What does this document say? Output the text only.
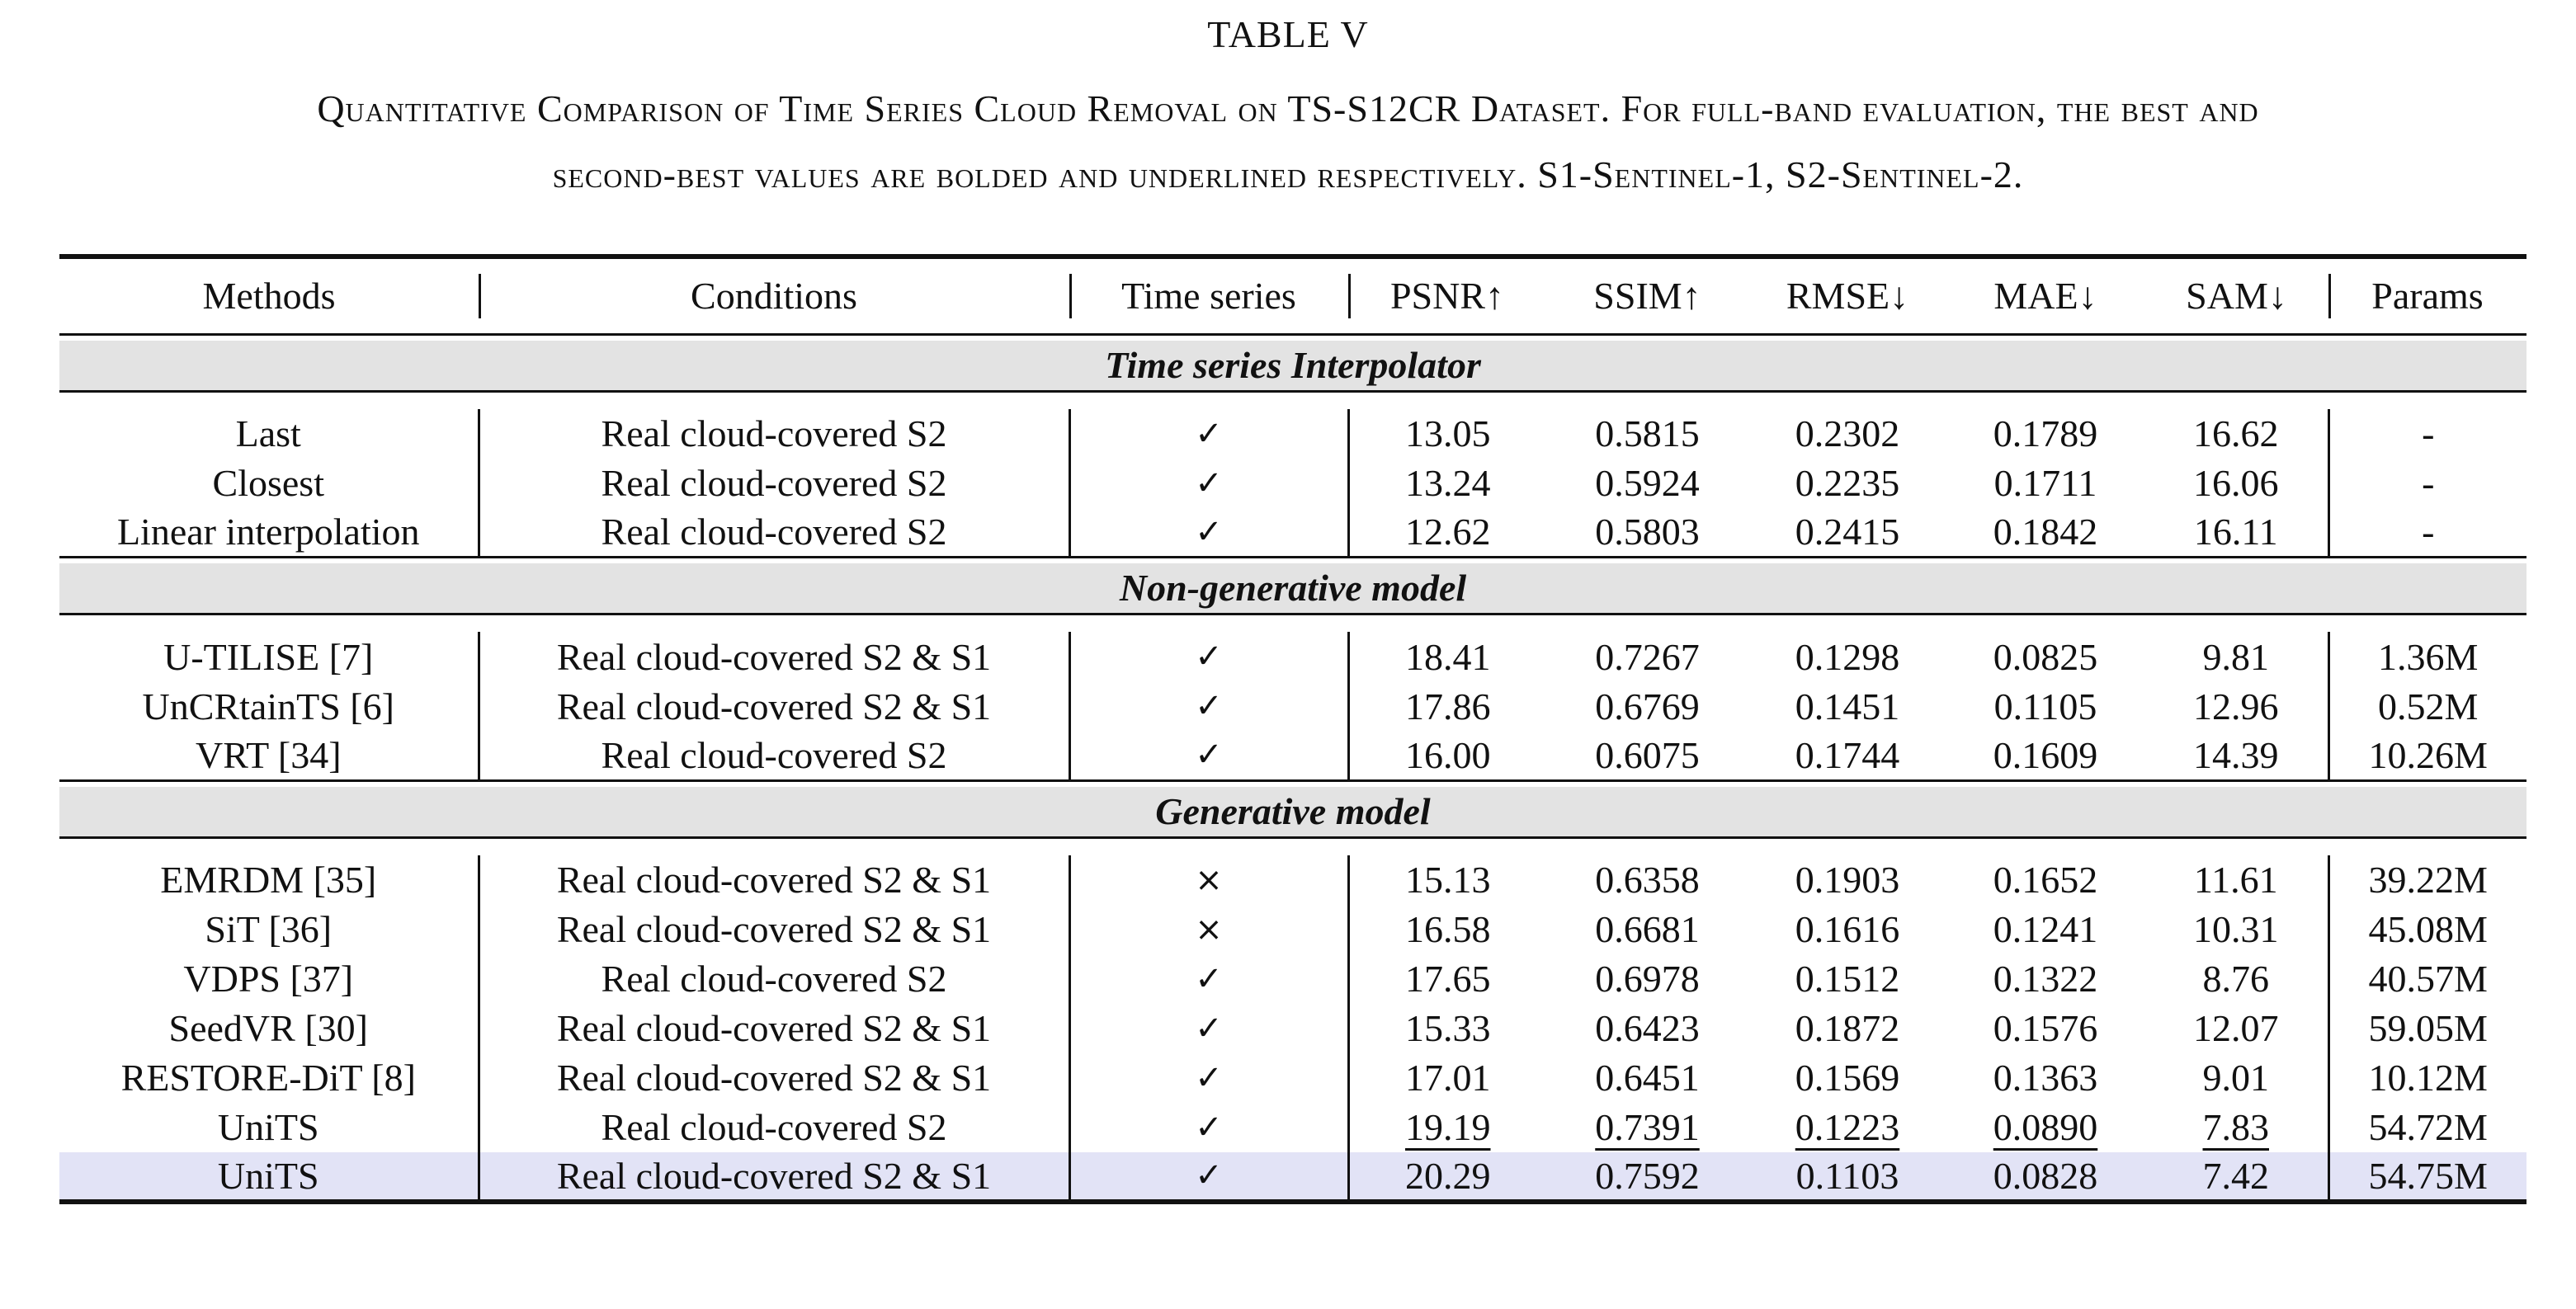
TABLE V

Quantitative Comparison of Time Series Cloud Removal on TS-S12CR Dataset. For full-band evaluation, the best and

second-best values are bolded and underlined respectively. S1-Sentinel-1, S2-Sentinel-2.

Methods	Conditions	Time series	PSNR↑	SSIM↑	RMSE↓	MAE↓	SAM↓	Params

Time series Interpolator								

Last	Real cloud-covered S2	✓	13.05	0.5815	0.2302	0.1789	16.62	-
Closest	Real cloud-covered S2	✓	13.24	0.5924	0.2235	0.1711	16.06	-
Linear interpolation	Real cloud-covered S2	✓	12.62	0.5803	0.2415	0.1842	16.11	-

Non-generative model								

U-TILISE [7]	Real cloud-covered S2 & S1	✓	18.41	0.7267	0.1298	0.0825	9.81	1.36M
UnCRtainTS [6]	Real cloud-covered S2 & S1	✓	17.86	0.6769	0.1451	0.1105	12.96	0.52M
VRT [34]	Real cloud-covered S2	✓	16.00	0.6075	0.1744	0.1609	14.39	10.26M

Generative model								

EMRDM [35]	Real cloud-covered S2 & S1	×	15.13	0.6358	0.1903	0.1652	11.61	39.22M
SiT [36]	Real cloud-covered S2 & S1	×	16.58	0.6681	0.1616	0.1241	10.31	45.08M
VDPS [37]	Real cloud-covered S2	✓	17.65	0.6978	0.1512	0.1322	8.76	40.57M
SeedVR [30]	Real cloud-covered S2 & S1	✓	15.33	0.6423	0.1872	0.1576	12.07	59.05M
RESTORE-DiT [8]	Real cloud-covered S2 & S1	✓	17.01	0.6451	0.1569	0.1363	9.01	10.12M
UniTS	Real cloud-covered S2	✓	19.19	0.7391	0.1223	0.0890	7.83	54.72M
UniTS	Real cloud-covered S2 & S1	✓	20.29	0.7592	0.1103	0.0828	7.42	54.75M
